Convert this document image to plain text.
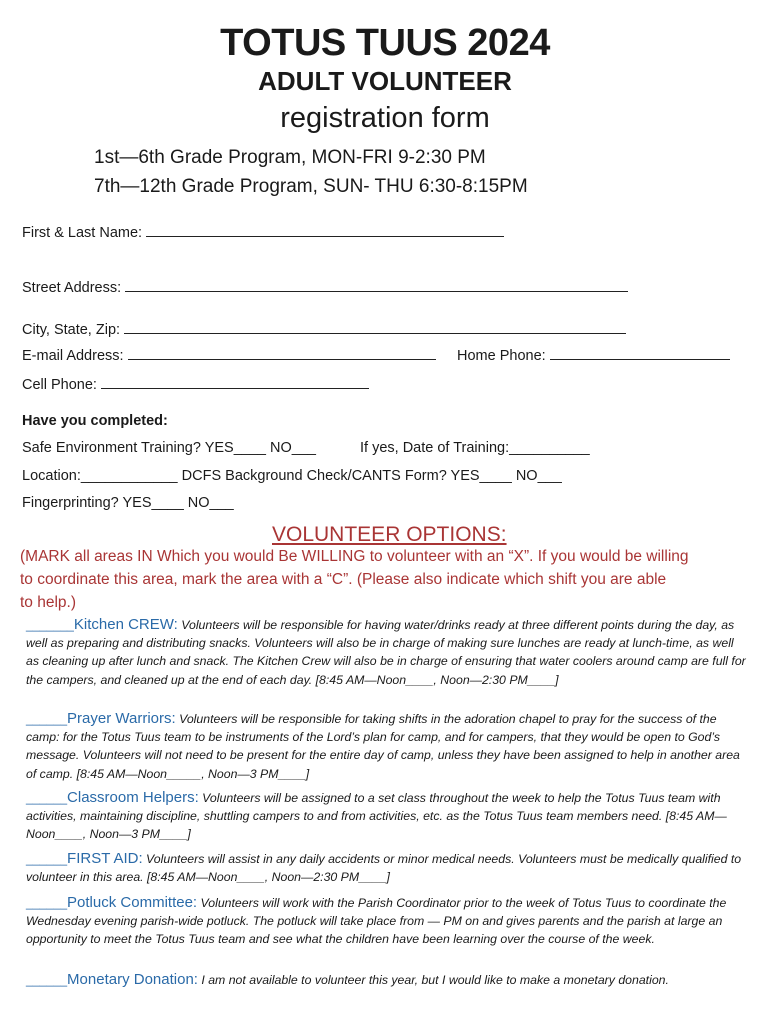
TOTUS TUUS 2024
ADULT VOLUNTEER
registration form
1st—6th Grade Program, MON-FRI 9-2:30 PM
7th—12th Grade Program, SUN- THU 6:30-8:15PM
First & Last Name:
Street Address:
City, State, Zip:
E-mail Address:	Home Phone:
Cell Phone:
Have you completed:
Safe Environment Training? YES____ NO___	If yes, Date of Training:__________
Location:____________ DCFS Background Check/CANTS Form? YES____ NO___
Fingerprinting? YES____ NO___
VOLUNTEER OPTIONS:
(MARK all areas IN Which you would Be WILLING to volunteer with an “X”. If you would be willing
to coordinate this area, mark the area with a “C”. (Please also indicate which shift you are able
to help.)
_______Kitchen CREW: Volunteers will be responsible for having water/drinks ready at three different points during the day, as well as preparing and distributing snacks. Volunteers will also be in charge of making sure lunches are ready at lunch-time, as well as cleaning up after lunch and snack. The Kitchen Crew will also be in charge of ensuring that water coolers around camp are full for the campers, and cleaned up at the end of each day. [8:45 AM—Noon____, Noon—2:30 PM____]
______Prayer Warriors: Volunteers will be responsible for taking shifts in the adoration chapel to pray for the success of the camp: for the Totus Tuus team to be instruments of the Lord’s plan for camp, and for campers, that they would be open to God’s message. Volunteers will not need to be present for the entire day of camp, unless they have been assigned to help in another area of camp. [8:45 AM—Noon_____, Noon—3 PM____]
______Classroom Helpers: Volunteers will be assigned to a set class throughout the week to help the Totus Tuus team with activities, maintaining discipline, shuttling campers to and from activities, etc. as the Totus Tuus team members need. [8:45 AM—Noon____, Noon—3 PM____]
______FIRST AID: Volunteers will assist in any daily accidents or minor medical needs. Volunteers must be medically qualified to volunteer in this area. [8:45 AM—Noon____, Noon—2:30 PM____]
______Potluck Committee: Volunteers will work with the Parish Coordinator prior to the week of Totus Tuus to coordinate the Wednesday evening parish-wide potluck. The potluck will take place from — PM on and gives parents and the parish at large an opportunity to meet the Totus Tuus team and see what the children have been learning over the course of the week.
______Monetary Donation: I am not available to volunteer this year, but I would like to make a monetary donation.
